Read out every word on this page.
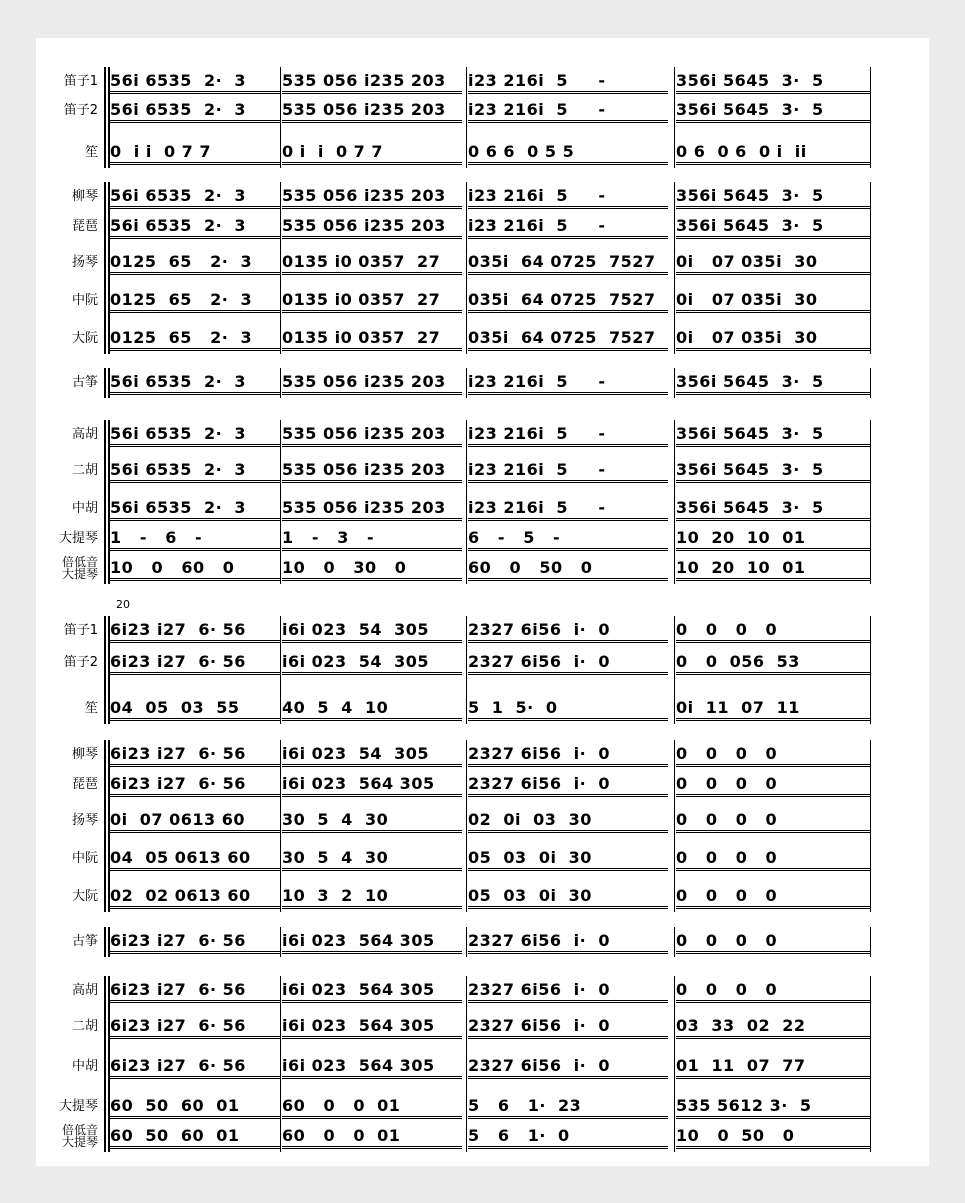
笛子1 56i 6535  2·  3	535 056 i235 203	i23 216i  5     -	356i 5645  3·  5
笛子2 56i 6535  2·  3	535 056 i235 203	i23 216i  5     -	356i 5645  3·  5
笙 0  i i  0 7 7	0 i  i  0 7 7	0 6 6  0 5 5	0 6  0 6  0 i  ii
柳琴 56i 6535  2·  3	535 056 i235 203	i23 216i  5     -	356i 5645  3·  5
琵琶 56i 6535  2·  3	535 056 i235 203	i23 216i  5     -	356i 5645  3·  5
扬琴 0125  65   2·  3	0135 i0 0357  27	035i  64 0725  7527	0i   07 035i  30
中阮 0125  65   2·  3	0135 i0 0357  27	035i  64 0725  7527	0i   07 035i  30
大阮 0125  65   2·  3	0135 i0 0357  27	035i  64 0725  7527	0i   07 035i  30
古筝 56i 6535  2·  3	535 056 i235 203	i23 216i  5     -	356i 5645  3·  5
高胡 56i 6535  2·  3	535 056 i235 203	i23 216i  5     -	356i 5645  3·  5
二胡 56i 6535  2·  3	535 056 i235 203	i23 216i  5     -	356i 5645  3·  5
中胡 56i 6535  2·  3	535 056 i235 203	i23 216i  5     -	356i 5645  3·  5
大提琴 1   -   6   -	1   -   3   -	6   -   5   -	10  20  10  01
倍低音
大提琴 10   0   60   0	10   0   30   0	60   0   50   0	10  20  10  01
20
笛子1 6i23 i27  6· 56	i6i 023  54  305	2327 6i56  i·  0	0   0   0   0
笛子2 6i23 i27  6· 56	i6i 023  54  305	2327 6i56  i·  0	0   0  056  53
笙 04  05  03  55	40  5  4  10	5  1  5·  0	0i  11  07  11
柳琴 6i23 i27  6· 56	i6i 023  54  305	2327 6i56  i·  0	0   0   0   0
琵琶 6i23 i27  6· 56	i6i 023  564 305	2327 6i56  i·  0	0   0   0   0
扬琴 0i  07 0613 60	30  5  4  30	02  0i  03  30	0   0   0   0
中阮 04  05 0613 60	30  5  4  30	05  03  0i  30	0   0   0   0
大阮 02  02 0613 60	10  3  2  10	05  03  0i  30	0   0   0   0
古筝 6i23 i27  6· 56	i6i 023  564 305	2327 6i56  i·  0	0   0   0   0
高胡 6i23 i27  6· 56	i6i 023  564 305	2327 6i56  i·  0	0   0   0   0
二胡 6i23 i27  6· 56	i6i 023  564 305	2327 6i56  i·  0	03  33  02  22
中胡 6i23 i27  6· 56	i6i 023  564 305	2327 6i56  i·  0	01  11  07  77
大提琴 60  50  60  01	60   0   0  01	5   6   1·  23	535 5612 3·  5
倍低音
大提琴 60  50  60  01	60   0   0  01	5   6   1·  0	10   0  50   0
